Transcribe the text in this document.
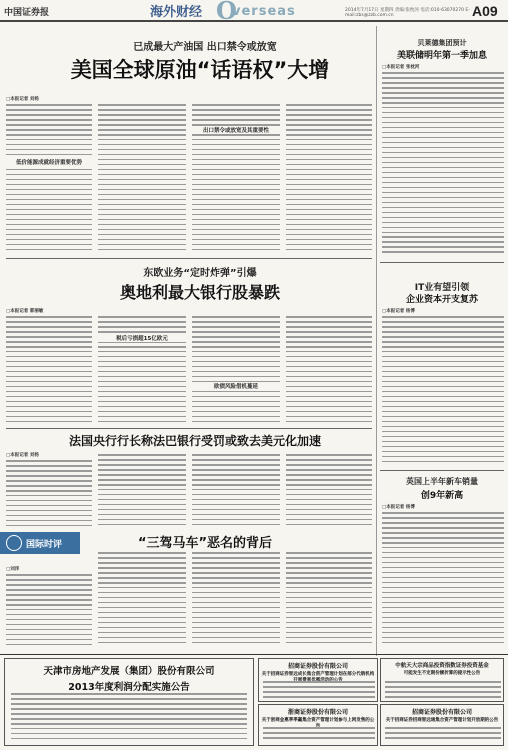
中国证券报	海外财经 O
verseas	2014年7月17日 星期四 责编:张枕河 电话:010-63070270 E-mail:zbs@zzb.com.cn	A09
已成最大产油国 出口禁令或放宽
美国全球原油“话语权”大增
□本报记者 刘杨
低价能源成就经济重要优势
出口禁令或放宽及其重要性
东欧业务“定时炸弹”引爆
奥地利最大银行股暴跌
□本报记者 郭丽敏
税后亏损超15亿欧元
欧债风险借机蔓延
法国央行行长称法巴银行受罚或致去美元化加速
□本报记者 刘杨
国际时评	“三驾马车”恶名的背后
□刘洋
贝莱德集团预计
美联储明年第一季加息
□本报记者 张枕河
IT业有望引领
企业资本开支复苏
□本报记者 杨博
英国上半年新车销量
创9年新高
□本报记者 杨博
天津市房地产发展（集团）股份有限公司
2013年度利润分配实施公告
招商证券股份有限公司
关于招商证券智远成长集合资产管理计划在部分代销机构
浙商证券股份有限公司
关于浙商金惠季季赢集合资产管理计划参与上网发售的公
中航天大宗商品投资指数证券投资基金
可能发生不定期份额折算的提示性公告
招商证券股份有限公司
关于招商证券招商智远通集合资产管理计划开放期的公告
